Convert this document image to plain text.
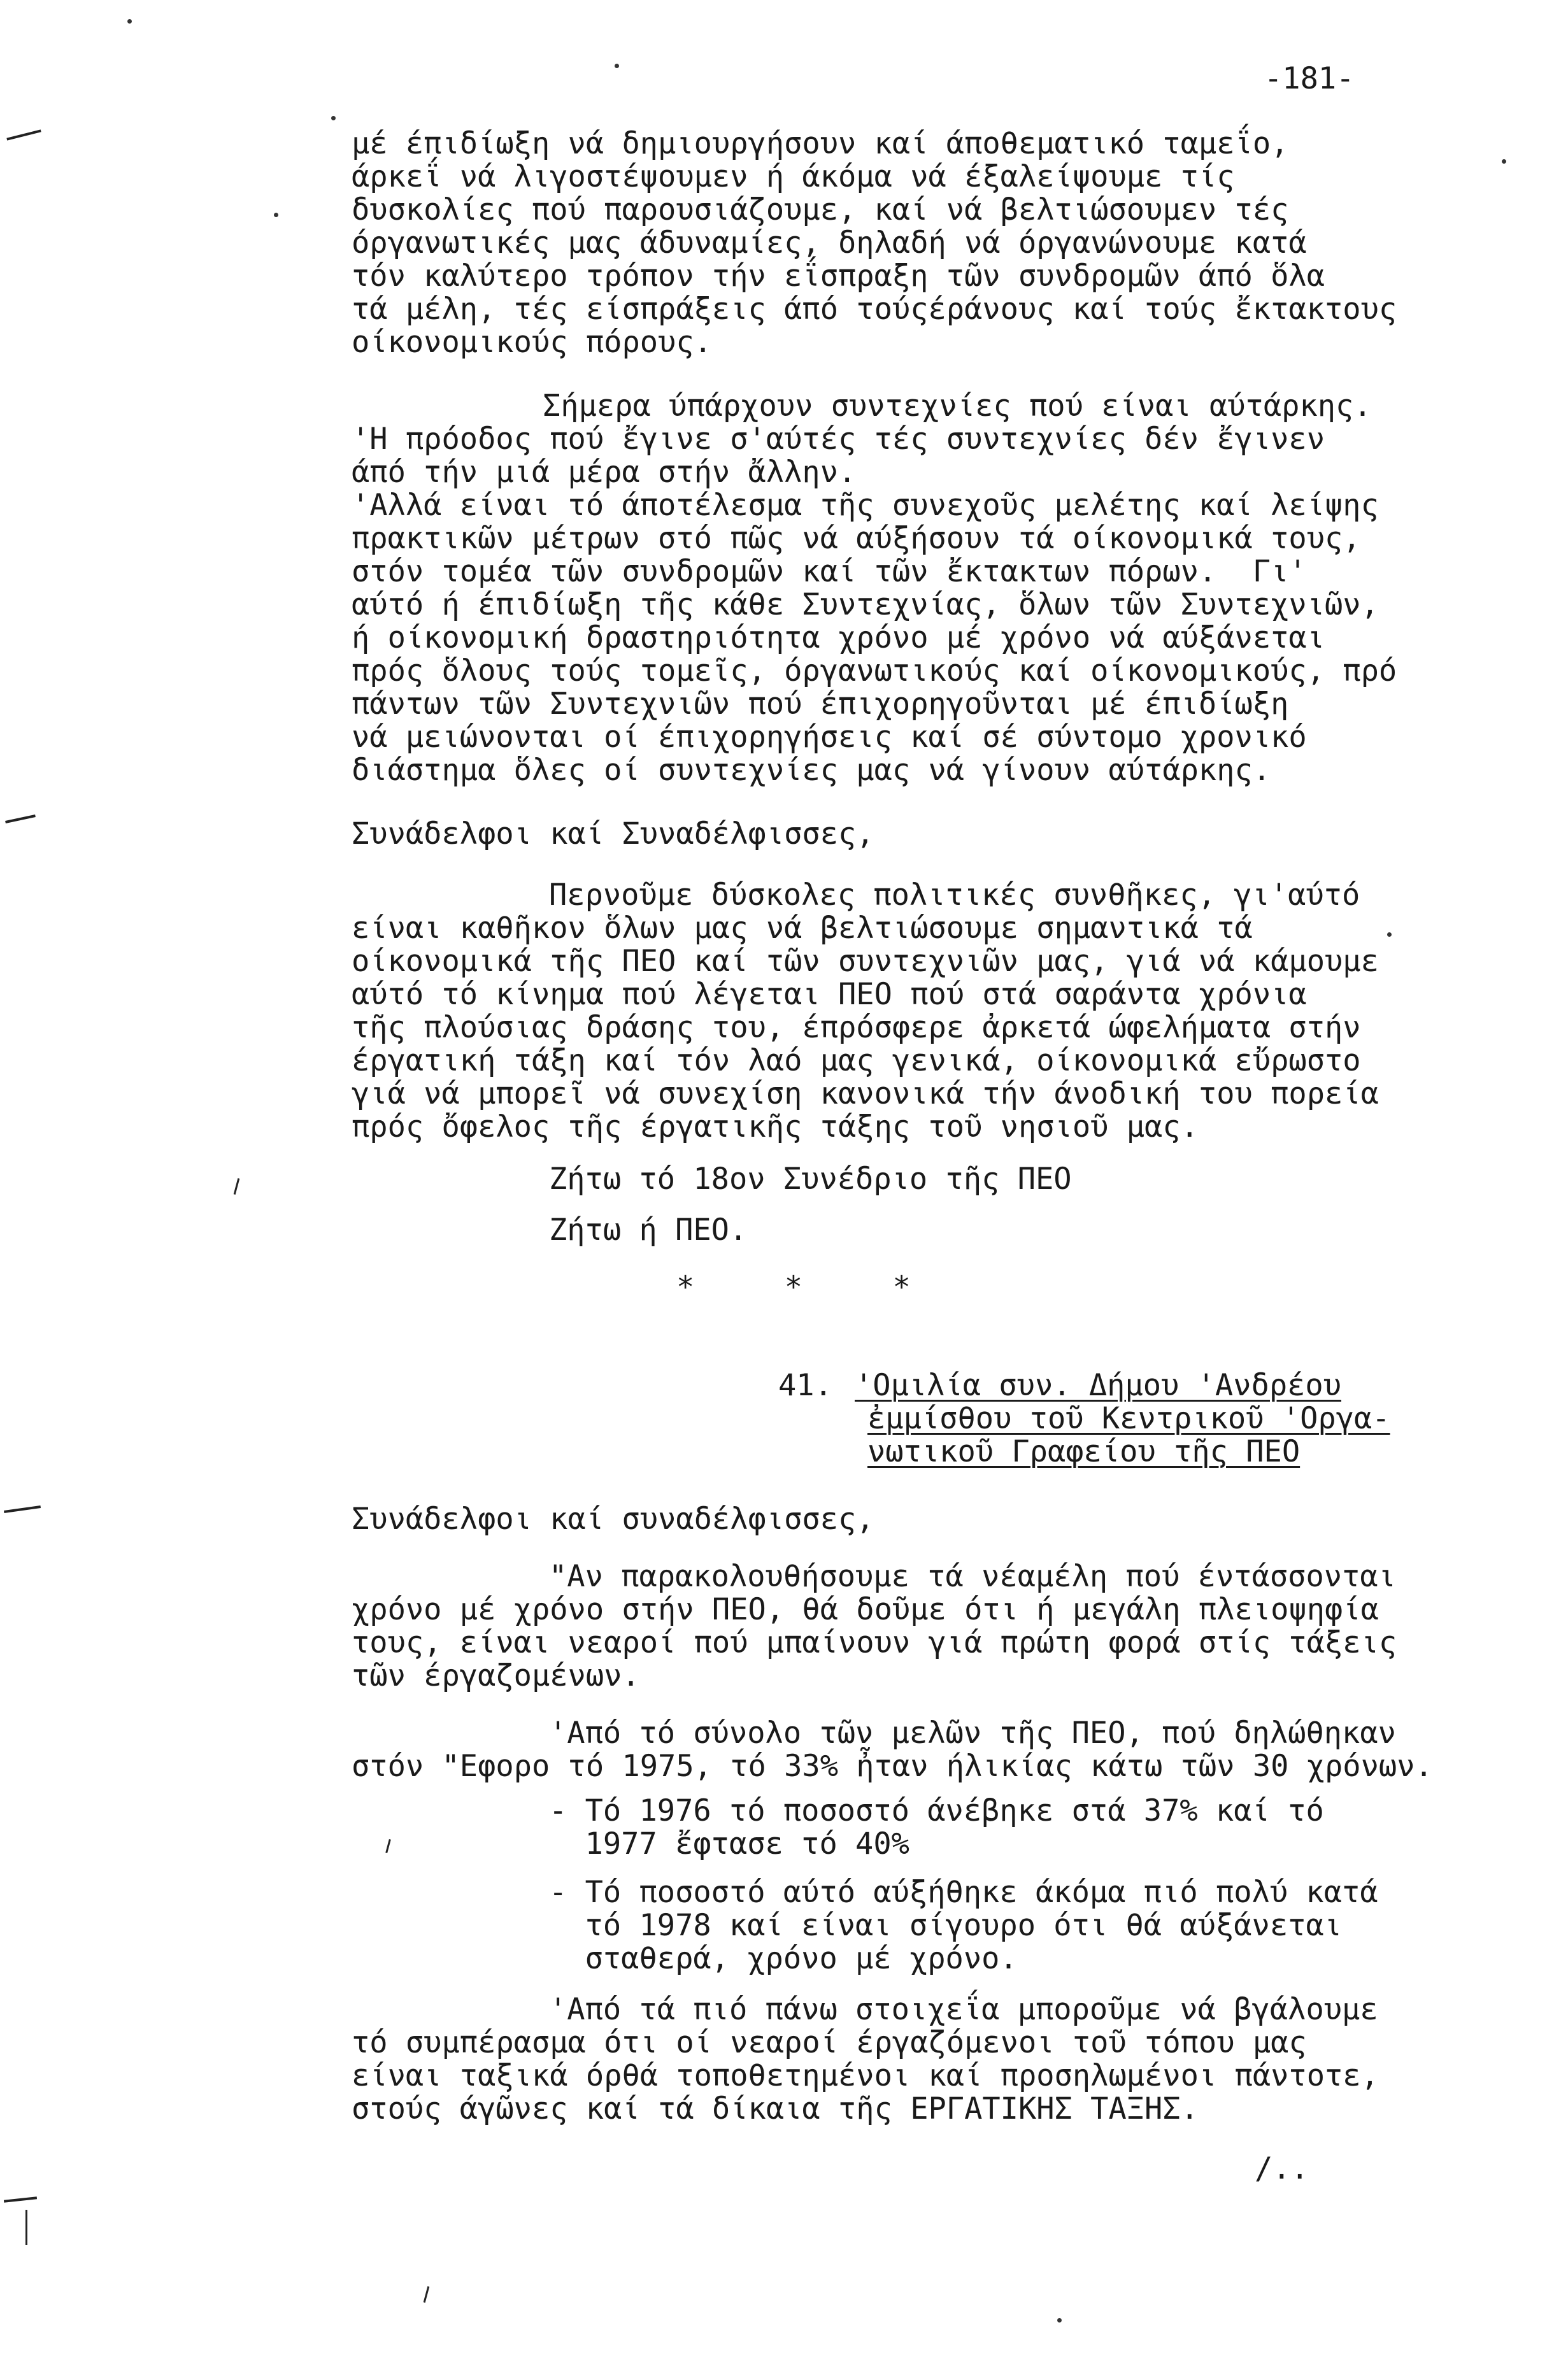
-181-
μέ έπιδίωξη νά δημιουργήσουν καί άποθεματικό ταμεΐο,
άρκεΐ νά λιγοστέψουμεν ή άκόμα νά έξαλείψουμε τίς
δυσκολίες πού παρουσιάζουμε, καί νά βελτιώσουμεν τές
όργανωτικές μας άδυναμίες, δηλαδή νά όργανώνουμε κατά
τόν καλύτερο τρόπον τήν εΐσπραξη τῶν συνδρομῶν άπό ὅλα
τά μέλη, τές είσπράξεις άπό τούςέράνους καί τούς ἔκτακτους
οίκονομικούς πόρους.
Σήμερα ύπάρχουν συντεχνίες πού είναι αύτάρκης.
'Η πρόοδος πού ἔγινε σ'αύτές τές συντεχνίες δέν ἔγινεν
άπό τήν μιά μέρα στήν ἄλλην.
'Αλλά είναι τό άποτέλεσμα τῆς συνεχοῦς μελέτης καί λείψης
πρακτικῶν μέτρων στό πῶς νά αύξήσουν τά οίκονομικά τους,
στόν τομέα τῶν συνδρομῶν καί τῶν ἔκτακτων πόρων.  Γι'
αύτό ή έπιδίωξη τῆς κάθε Συντεχνίας, ὅλων τῶν Συντεχνιῶν,
ή οίκονομική δραστηριότητα χρόνο μέ χρόνο νά αύξάνεται
πρός ὅλους τούς τομεῖς, όργανωτικούς καί οίκονομικούς, πρό
πάντων τῶν Συντεχνιῶν πού έπιχορηγοῦνται μέ έπιδίωξη
νά μειώνονται οί έπιχορηγήσεις καί σέ σύντομο χρονικό
διάστημα ὅλες οί συντεχνίες μας νά γίνουν αύτάρκης.
Συνάδελφοι καί Συναδέλφισσες,
Περνοῦμε δύσκολες πολιτικές συνθῆκες, γι'αύτό
είναι καθῆκον ὅλων μας νά βελτιώσουμε σημαντικά τά
οίκονομικά τῆς ΠΕΟ καί τῶν συντεχνιῶν μας, γιά νά κάμουμε
αύτό τό κίνημα πού λέγεται ΠΕΟ πού στά σαράντα χρόνια
τῆς πλούσιας δράσης του, έπρόσφερε ἀρκετά ώφελήματα στήν
έργατική τάξη καί τόν λαό μας γενικά, οίκονομικά εὔρωστο
γιά νά μπορεῖ νά συνεχίση κανονικά τήν άνοδική του πορεία
πρός ὄφελος τῆς έργατικῆς τάξης τοῦ νησιοῦ μας.
Ζήτω τό 18ον Συνέδριο τῆς ΠΕΟ
Ζήτω ή ΠΕΟ.
*     *     *
41. 'Ομιλία συν. Δήμου 'Ανδρέου
ἐμμίσθου τοῦ Κεντρικοῦ 'Οργα-
νωτικοῦ Γραφείου τῆς ΠΕΟ
Συνάδελφοι καί συναδέλφισσες,
"Αν παρακολουθήσουμε τά νέαμέλη πού έντάσσονται
χρόνο μέ χρόνο στήν ΠΕΟ, θά δοῦμε ότι ή μεγάλη πλειοψηφία
τους, είναι νεαροί πού μπαίνουν γιά πρώτη φορά στίς τάξεις
τῶν έργαζομένων.
'Από τό σύνολο τῶν μελῶν τῆς ΠΕΟ, πού δηλώθηκαν
στόν "Εφορο τό 1975, τό 33% ἦταν ήλικίας κάτω τῶν 30 χρόνων.
- Τό 1976 τό ποσοστό άνέβηκε στά 37% καί τό
1977 ἔφτασε τό 40%
- Τό ποσοστό αύτό αύξήθηκε άκόμα πιό πολύ κατά
τό 1978 καί είναι σίγουρο ότι θά αύξάνεται
σταθερά, χρόνο μέ χρόνο.
'Από τά πιό πάνω στοιχεΐα μποροῦμε νά βγάλουμε
τό συμπέρασμα ότι οί νεαροί έργαζόμενοι τοῦ τόπου μας
είναι ταξικά όρθά τοποθετημένοι καί προσηλωμένοι πάντοτε,
στούς άγῶνες καί τά δίκαια τῆς ΕΡΓΑΤΙΚΗΣ ΤΑΞΗΣ.
/..
